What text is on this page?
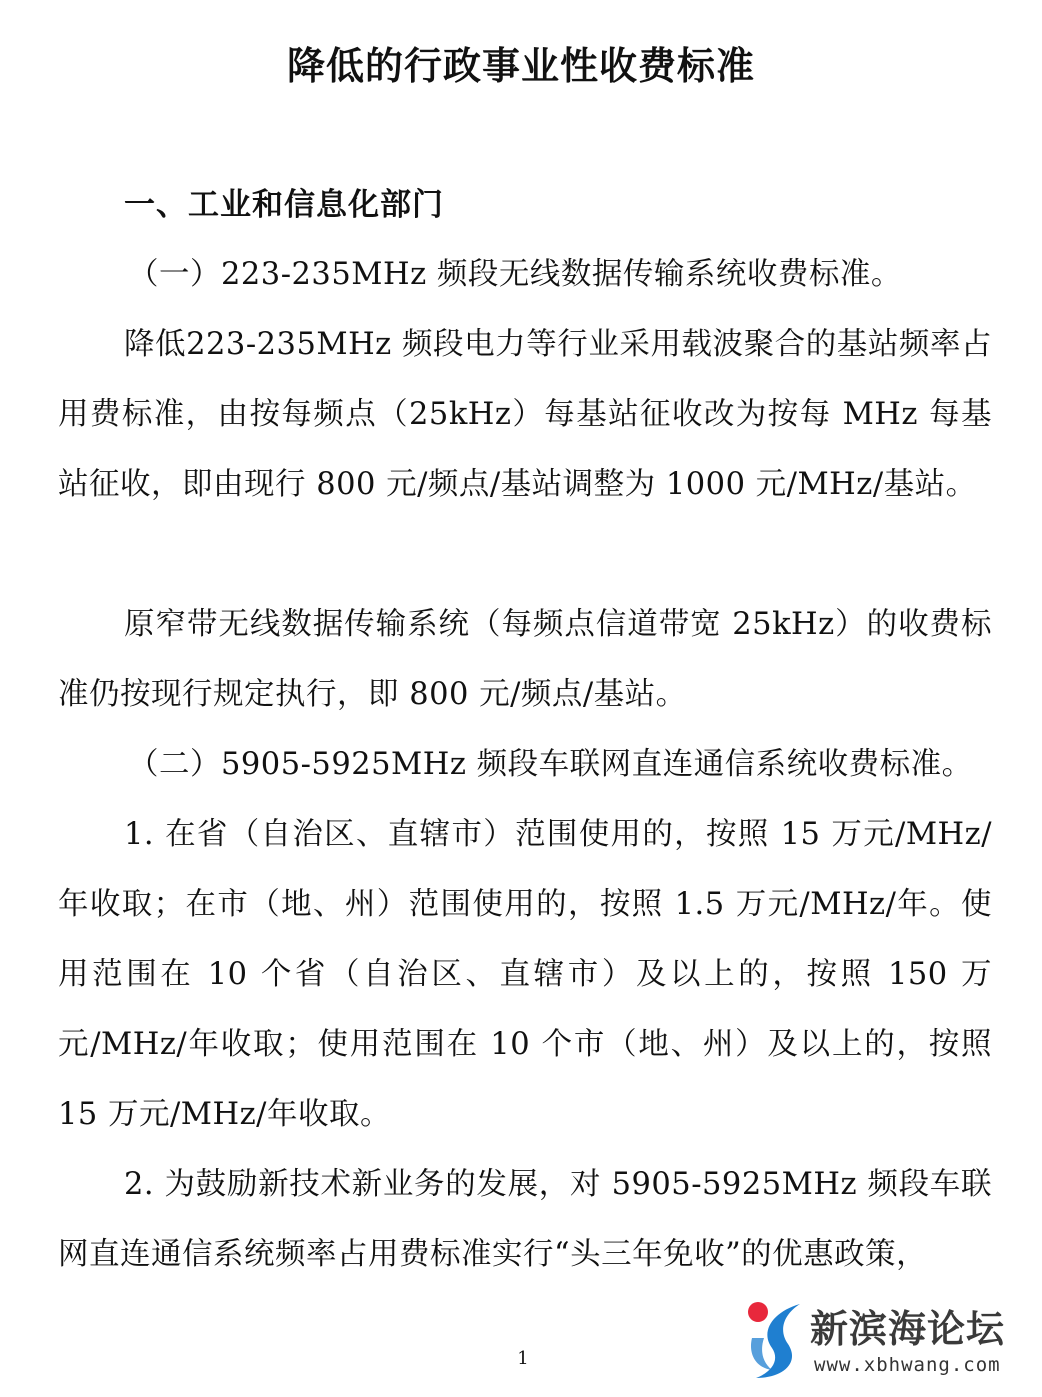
降低的行政事业性收费标准
一、工业和信息化部门

（一）223-235MHz 频段无线数据传输系统收费标准。

降低223-235MHz 频段电力等行业采用载波聚合的基站频率占用费标准，由按每频点（25kHz）每基站征收改为按每 MHz 每基站征收，即由现行 800 元/频点/基站调整为 1000 元/MHz/基站。

原窄带无线数据传输系统（每频点信道带宽 25kHz）的收费标准仍按现行规定执行，即 800 元/频点/基站。

（二）5905-5925MHz 频段车联网直连通信系统收费标准。

1. 在省（自治区、直辖市）范围使用的，按照 15 万元/MHz/年收取；在市（地、州）范围使用的，按照 1.5 万元/MHz/年。使用范围在 10 个省（自治区、直辖市）及以上的，按照 150 万元/MHz/年收取；使用范围在 10 个市（地、州）及以上的，按照 15 万元/MHz/年收取。

2. 为鼓励新技术新业务的发展，对 5905-5925MHz 频段车联网直连通信系统频率占用费标准实行“头三年免收”的优惠政策，

1
新滨海论坛
www.xbhwang.com
